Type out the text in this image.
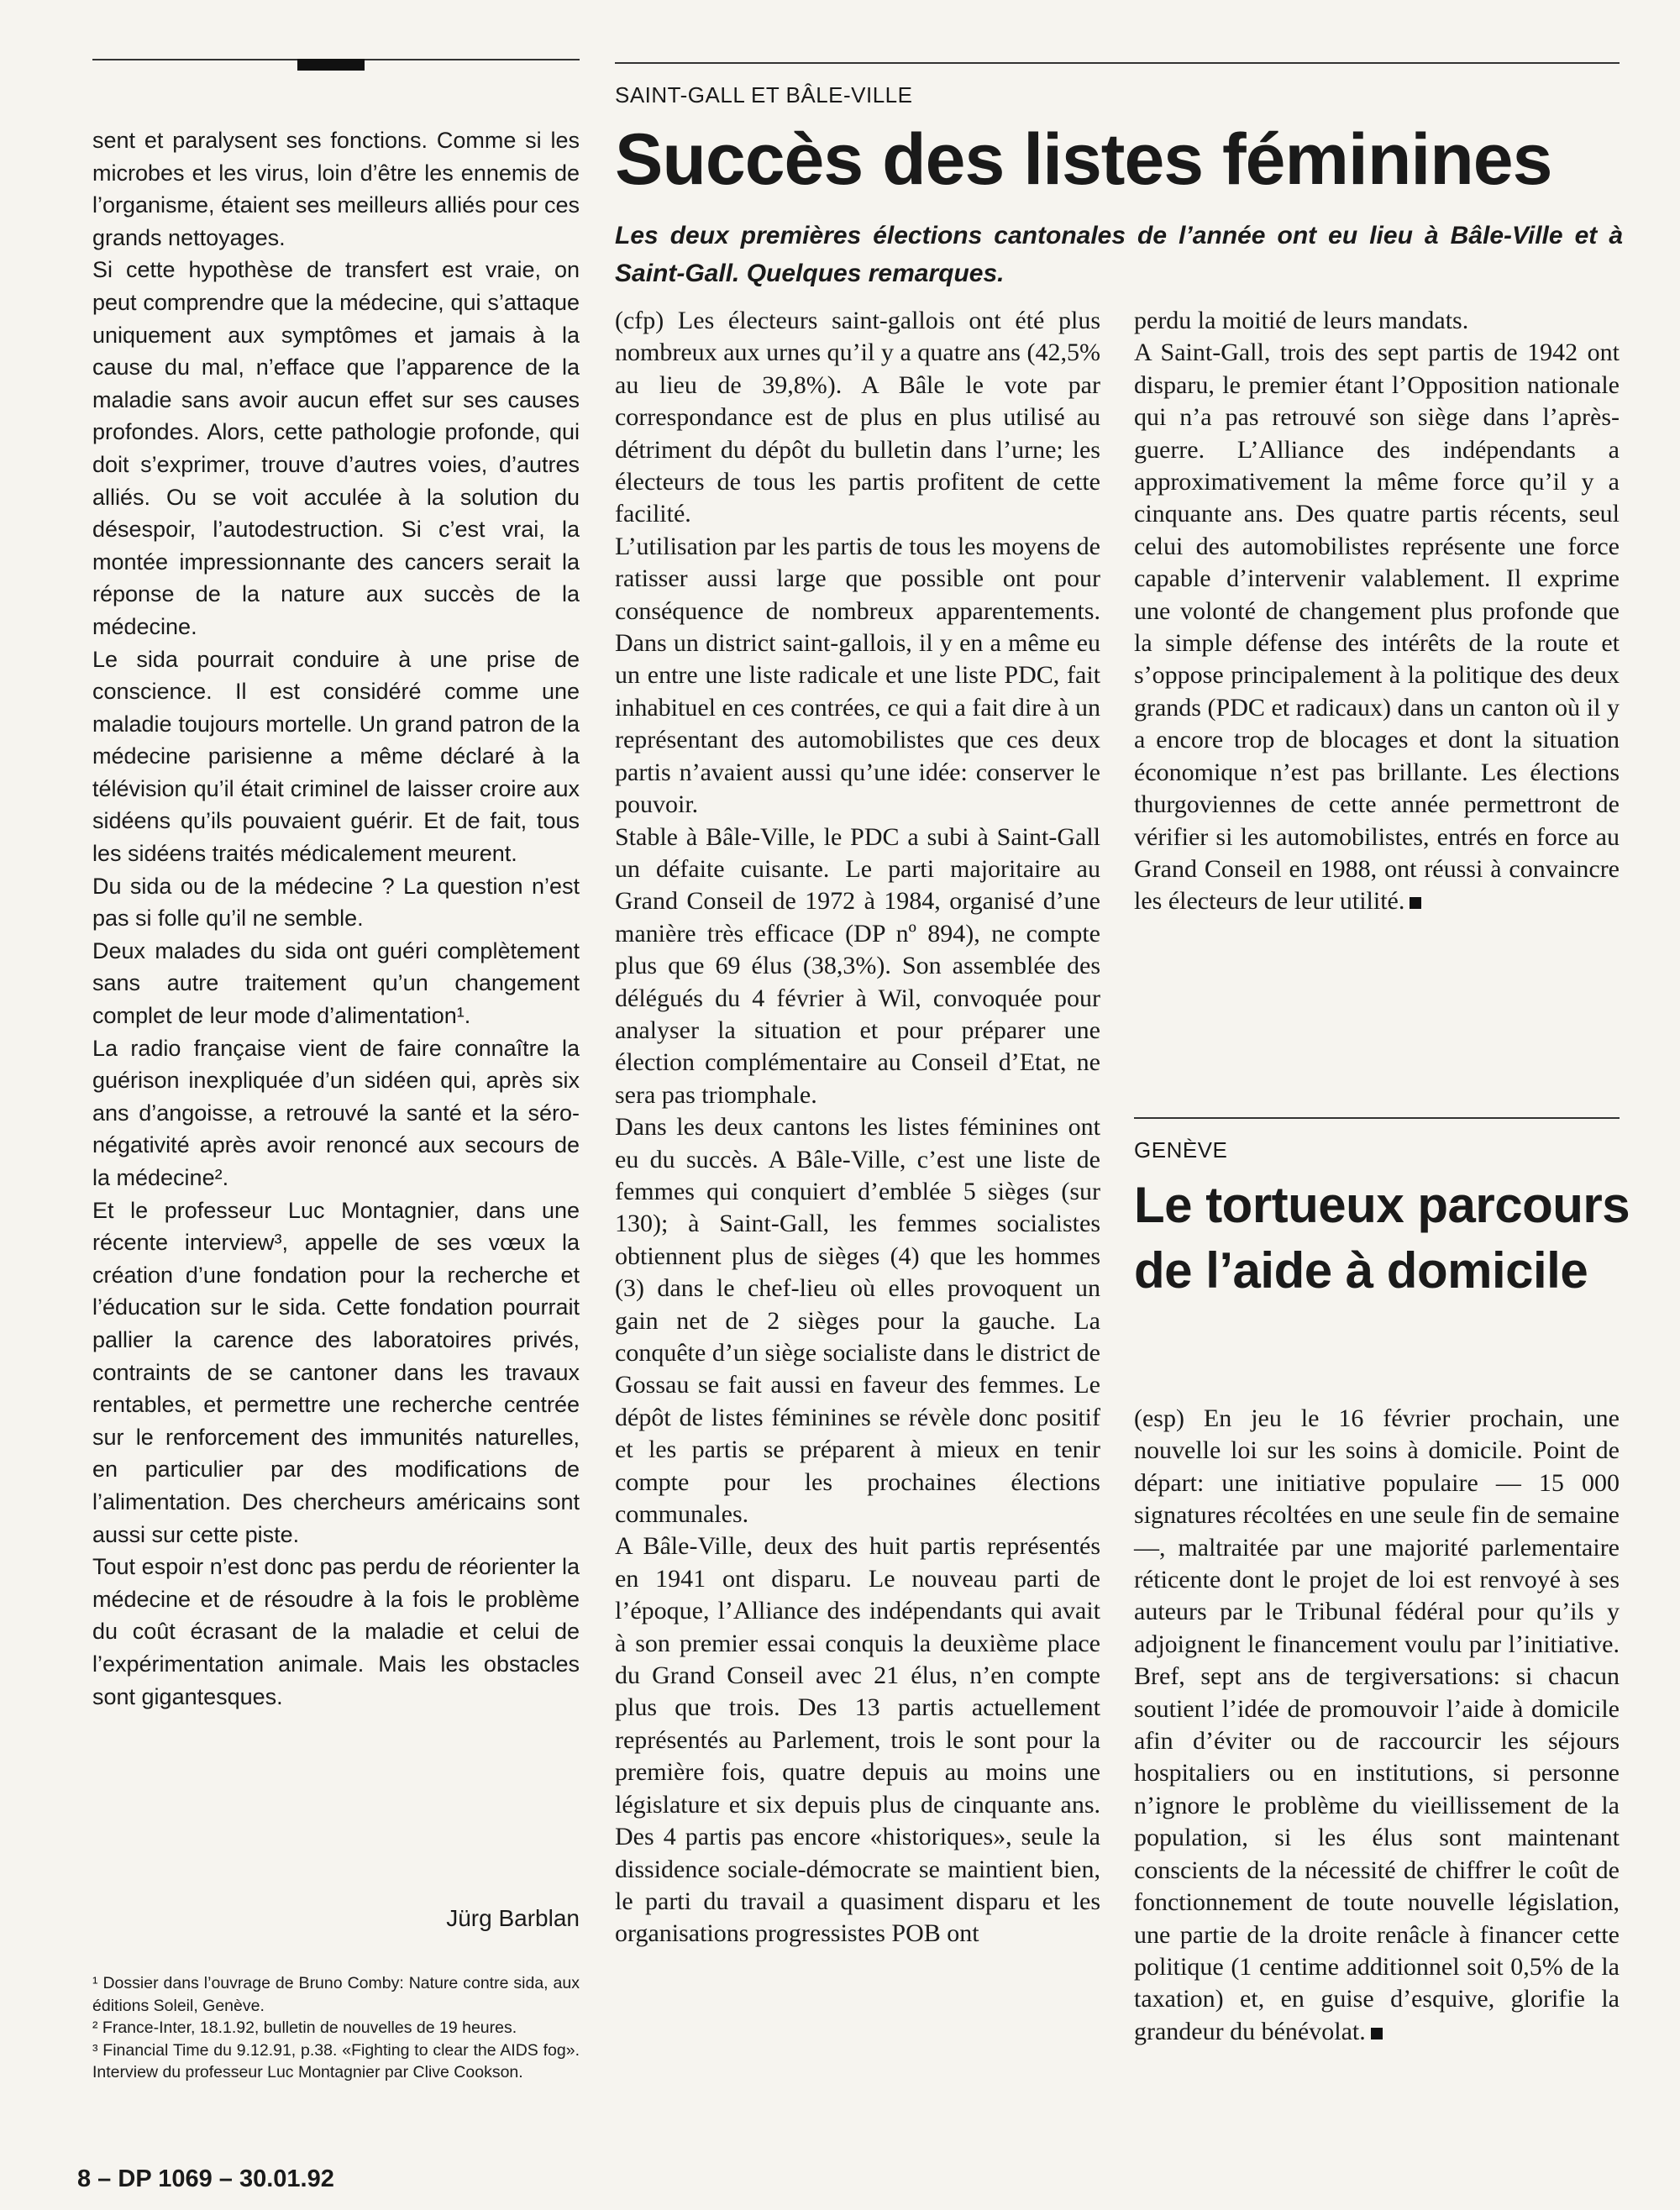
sent et paralysent ses fonctions. Comme si les microbes et les virus, loin d’être les ennemis de l’organisme, étaient ses meilleurs alliés pour ces grands nettoyages.

Si cette hypothèse de transfert est vraie, on peut comprendre que la médecine, qui s’attaque uniquement aux symptômes et jamais à la cause du mal, n’efface que l’apparence de la maladie sans avoir aucun effet sur ses causes profondes. Alors, cette pathologie profonde, qui doit s’exprimer, trouve d’autres voies, d’autres alliés. Ou se voit acculée à la solution du désespoir, l’autodestruction. Si c’est vrai, la montée impressionnante des cancers serait la réponse de la nature aux succès de la médecine.

Le sida pourrait conduire à une prise de conscience. Il est considéré comme une maladie toujours mortelle. Un grand patron de la médecine parisienne a même déclaré à la télévision qu’il était criminel de laisser croire aux sidéens qu’ils pouvaient guérir. Et de fait, tous les sidéens traités médicalement meurent.

Du sida ou de la médecine ? La question n’est pas si folle qu’il ne semble.

Deux malades du sida ont guéri complètement sans autre traitement qu’un changement complet de leur mode d’alimentation¹.

La radio française vient de faire connaître la guérison inexpliquée d’un sidéen qui, après six ans d’angoisse, a retrouvé la santé et la séro-négativité après avoir renoncé aux secours de la médecine².

Et le professeur Luc Montagnier, dans une récente interview³, appelle de ses vœux la création d’une fondation pour la recherche et l’éducation sur le sida. Cette fondation pourrait pallier la carence des laboratoires privés, contraints de se cantoner dans les travaux rentables, et permettre une recherche centrée sur le renforcement des immunités naturelles, en particulier par des modifications de l’alimentation. Des chercheurs américains sont aussi sur cette piste.

Tout espoir n’est donc pas perdu de réorienter la médecine et de résoudre à la fois le problème du coût écrasant de la maladie et celui de l’expérimentation animale. Mais les obstacles sont gigantesques.

Jürg Barblan

¹ Dossier dans l’ouvrage de Bruno Comby: Nature contre sida, aux éditions Soleil, Genève.

² France-Inter, 18.1.92, bulletin de nouvelles de 19 heures.

³ Financial Time du 9.12.91, p.38. «Fighting to clear the AIDS fog». Interview du professeur Luc Montagnier par Clive Cookson.

8 – DP 1069 – 30.01.92
SAINT-GALL ET BÂLE-VILLE
Succès des listes féminines
Les deux premières élections cantonales de l’année ont eu lieu à Bâle-Ville et à Saint-Gall. Quelques remarques.

(cfp) Les électeurs saint-gallois ont été plus nombreux aux urnes qu’il y a quatre ans (42,5% au lieu de 39,8%). A Bâle le vote par correspondance est de plus en plus utilisé au détriment du dépôt du bulletin dans l’urne; les électeurs de tous les partis profitent de cette facilité.

L’utilisation par les partis de tous les moyens de ratisser aussi large que possible ont pour conséquence de nombreux apparentements. Dans un district saint-gallois, il y en a même eu un entre une liste radicale et une liste PDC, fait inhabituel en ces contrées, ce qui a fait dire à un représentant des automobilistes que ces deux partis n’avaient aussi qu’une idée: conserver le pouvoir.

Stable à Bâle-Ville, le PDC a subi à Saint-Gall un défaite cuisante. Le parti majoritaire au Grand Conseil de 1972 à 1984, organisé d’une manière très efficace (DP nº 894), ne compte plus que 69 élus (38,3%). Son assemblée des délégués du 4 février à Wil, convoquée pour analyser la situation et pour préparer une élection complémentaire au Conseil d’Etat, ne sera pas triomphale.

Dans les deux cantons les listes féminines ont eu du succès. A Bâle-Ville, c’est une liste de femmes qui conquiert d’emblée 5 sièges (sur 130); à Saint-Gall, les femmes socialistes obtiennent plus de sièges (4) que les hommes (3) dans le chef-lieu où elles provoquent un gain net de 2 sièges pour la gauche. La conquête d’un siège socialiste dans le district de Gossau se fait aussi en faveur des femmes. Le dépôt de listes féminines se révèle donc positif et les partis se préparent à mieux en tenir compte pour les prochaines élections communales.

A Bâle-Ville, deux des huit partis représentés en 1941 ont disparu. Le nouveau parti de l’époque, l’Alliance des indépendants qui avait à son premier essai conquis la deuxième place du Grand Conseil avec 21 élus, n’en compte plus que trois. Des 13 partis actuellement représentés au Parlement, trois le sont pour la première fois, quatre depuis au moins une législature et six depuis plus de cinquante ans. Des 4 partis pas encore «historiques», seule la dissidence sociale-démocrate se maintient bien, le parti du travail a quasiment disparu et les organisations progressistes POB ont

perdu la moitié de leurs mandats.

A Saint-Gall, trois des sept partis de 1942 ont disparu, le premier étant l’Opposition nationale qui n’a pas retrouvé son siège dans l’après-guerre. L’Alliance des indépendants a approximativement la même force qu’il y a cinquante ans. Des quatre partis récents, seul celui des automobilistes représente une force capable d’intervenir valablement. Il exprime une volonté de changement plus profonde que la simple défense des intérêts de la route et s’oppose principalement à la politique des deux grands (PDC et radicaux) dans un canton où il y a encore trop de blocages et dont la situation économique n’est pas brillante. Les élections thurgoviennes de cette année permettront de vérifier si les automobilistes, entrés en force au Grand Conseil en 1988, ont réussi à convaincre les électeurs de leur utilité.

GENÈVE
Le tortueux parcours de l’aide à domicile

(esp) En jeu le 16 février prochain, une nouvelle loi sur les soins à domicile. Point de départ: une initiative populaire — 15 000 signatures récoltées en une seule fin de semaine —, maltraitée par une majorité parlementaire réticente dont le projet de loi est renvoyé à ses auteurs par le Tribunal fédéral pour qu’ils y adjoignent le financement voulu par l’initiative. Bref, sept ans de tergiversations: si chacun soutient l’idée de promouvoir l’aide à domicile afin d’éviter ou de raccourcir les séjours hospitaliers ou en institutions, si personne n’ignore le problème du vieillissement de la population, si les élus sont maintenant conscients de la nécessité de chiffrer le coût de fonctionnement de toute nouvelle législation, une partie de la droite renâcle à financer cette politique (1 centime additionnel soit 0,5% de la taxation) et, en guise d’esquive, glorifie la grandeur du bénévolat.
